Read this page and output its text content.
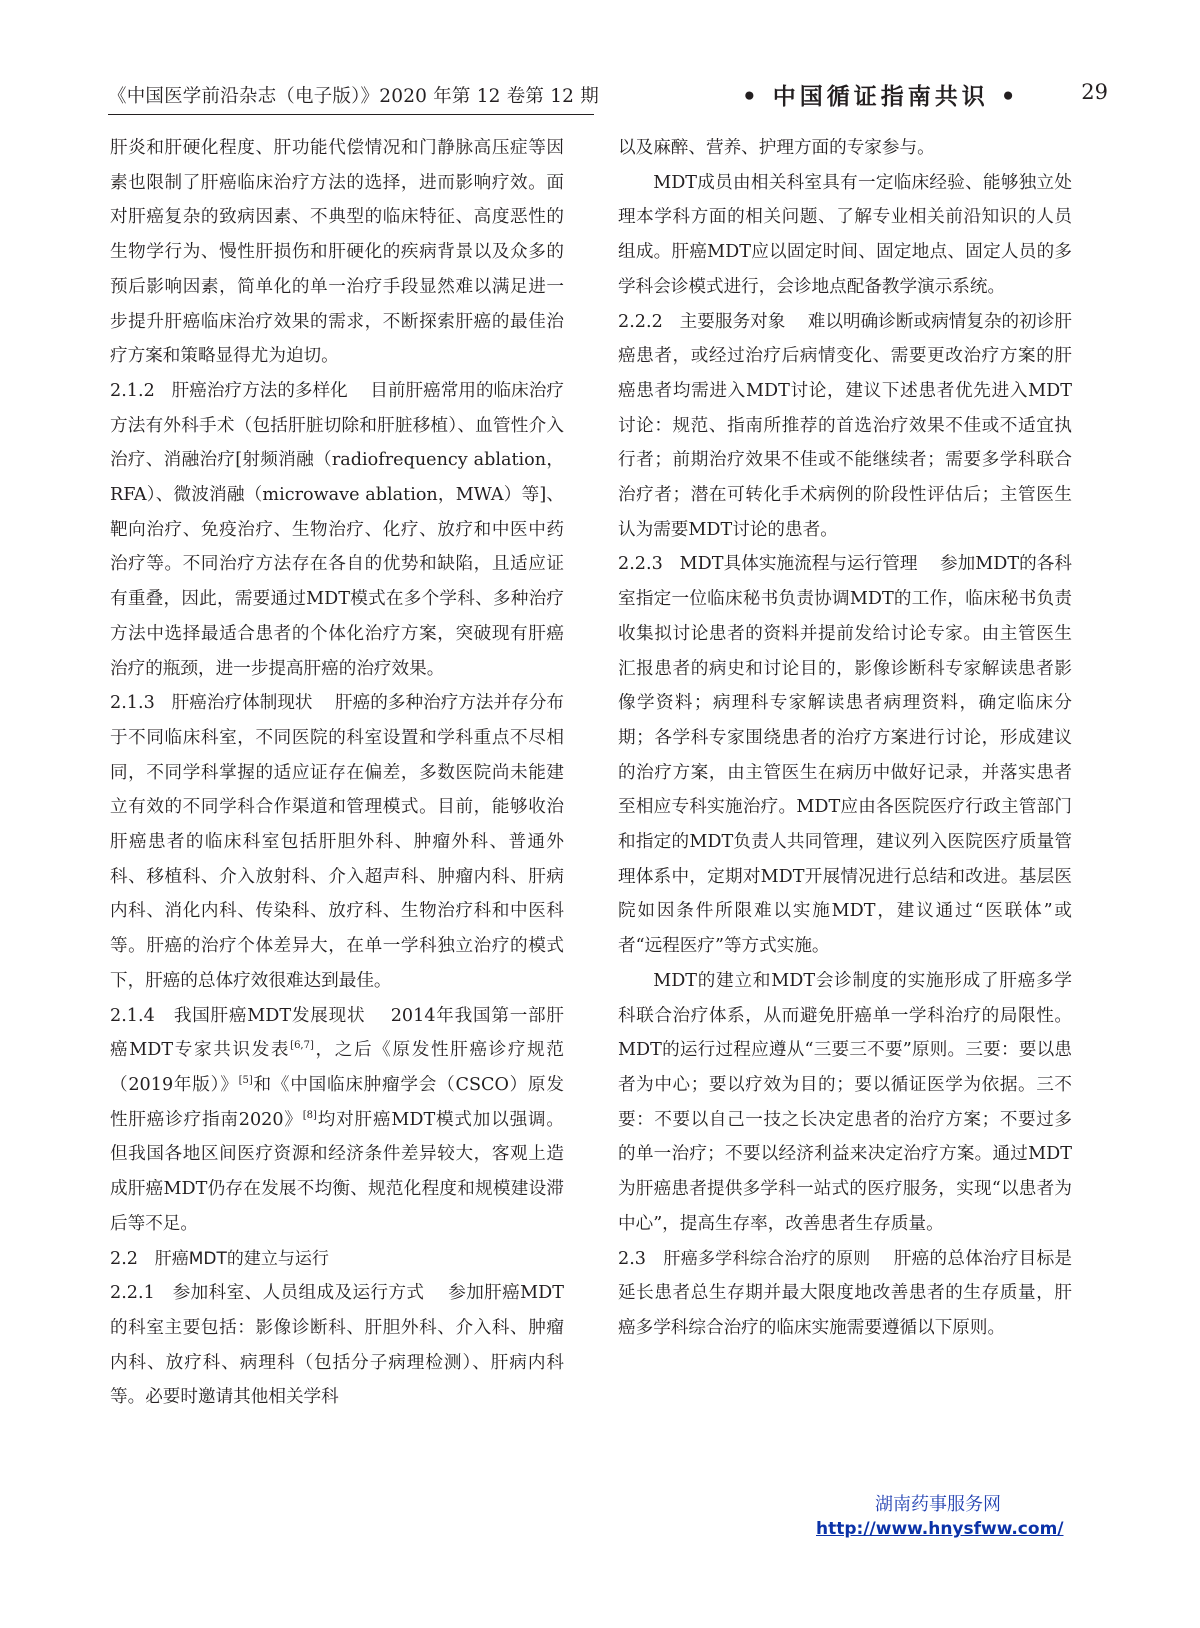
《中国医学前沿杂志（电子版）》2020 年第 12 卷第 12 期	• 中国循证指南共识 •	29

肝炎和肝硬化程度、肝功能代偿情况和门静脉高压症等因素也限制了肝癌临床治疗方法的选择，进而影响疗效。面对肝癌复杂的致病因素、不典型的临床特征、高度恶性的生物学行为、慢性肝损伤和肝硬化的疾病背景以及众多的预后影响因素，简单化的单一治疗手段显然难以满足进一步提升肝癌临床治疗效果的需求，不断探索肝癌的最佳治疗方案和策略显得尤为迫切。

2.1.2 肝癌治疗方法的多样化 目前肝癌常用的临床治疗方法有外科手术（包括肝脏切除和肝脏移植）、血管性介入治疗、消融治疗[射频消融（radiofrequency ablation，RFA）、微波消融（microwave ablation，MWA）等]、靶向治疗、免疫治疗、生物治疗、化疗、放疗和中医中药治疗等。不同治疗方法存在各自的优势和缺陷，且适应证有重叠，因此，需要通过MDT模式在多个学科、多种治疗方法中选择最适合患者的个体化治疗方案，突破现有肝癌治疗的瓶颈，进一步提高肝癌的治疗效果。

2.1.3 肝癌治疗体制现状 肝癌的多种治疗方法并存分布于不同临床科室，不同医院的科室设置和学科重点不尽相同，不同学科掌握的适应证存在偏差，多数医院尚未能建立有效的不同学科合作渠道和管理模式。目前，能够收治肝癌患者的临床科室包括肝胆外科、肿瘤外科、普通外科、移植科、介入放射科、介入超声科、肿瘤内科、肝病内科、消化内科、传染科、放疗科、生物治疗科和中医科等。肝癌的治疗个体差异大，在单一学科独立治疗的模式下，肝癌的总体疗效很难达到最佳。

2.1.4 我国肝癌MDT发展现状 2014年我国第一部肝癌MDT专家共识发表[6,7]，之后《原发性肝癌诊疗规范（2019年版）》[5]和《中国临床肿瘤学会（CSCO）原发性肝癌诊疗指南2020》[8]均对肝癌MDT模式加以强调。但我国各地区间医疗资源和经济条件差异较大，客观上造成肝癌MDT仍存在发展不均衡、规范化程度和规模建设滞后等不足。

2.2 肝癌MDT的建立与运行

2.2.1 参加科室、人员组成及运行方式 参加肝癌MDT的科室主要包括：影像诊断科、肝胆外科、介入科、肿瘤内科、放疗科、病理科（包括分子病理检测）、肝病内科等。必要时邀请其他相关学科

以及麻醉、营养、护理方面的专家参与。

MDT成员由相关科室具有一定临床经验、能够独立处理本学科方面的相关问题、了解专业相关前沿知识的人员组成。肝癌MDT应以固定时间、固定地点、固定人员的多学科会诊模式进行，会诊地点配备教学演示系统。

2.2.2 主要服务对象 难以明确诊断或病情复杂的初诊肝癌患者，或经过治疗后病情变化、需要更改治疗方案的肝癌患者均需进入MDT讨论，建议下述患者优先进入MDT讨论：规范、指南所推荐的首选治疗效果不佳或不适宜执行者；前期治疗效果不佳或不能继续者；需要多学科联合治疗者；潜在可转化手术病例的阶段性评估后；主管医生认为需要MDT讨论的患者。

2.2.3 MDT具体实施流程与运行管理 参加MDT的各科室指定一位临床秘书负责协调MDT的工作，临床秘书负责收集拟讨论患者的资料并提前发给讨论专家。由主管医生汇报患者的病史和讨论目的，影像诊断科专家解读患者影像学资料；病理科专家解读患者病理资料，确定临床分期；各学科专家围绕患者的治疗方案进行讨论，形成建议的治疗方案，由主管医生在病历中做好记录，并落实患者至相应专科实施治疗。MDT应由各医院医疗行政主管部门和指定的MDT负责人共同管理，建议列入医院医疗质量管理体系中，定期对MDT开展情况进行总结和改进。基层医院如因条件所限难以实施MDT，建议通过“医联体”或者“远程医疗”等方式实施。

MDT的建立和MDT会诊制度的实施形成了肝癌多学科联合治疗体系，从而避免肝癌单一学科治疗的局限性。MDT的运行过程应遵从“三要三不要”原则。三要：要以患者为中心；要以疗效为目的；要以循证医学为依据。三不要：不要以自己一技之长决定患者的治疗方案；不要过多的单一治疗；不要以经济利益来决定治疗方案。通过MDT为肝癌患者提供多学科一站式的医疗服务，实现“以患者为中心”，提高生存率，改善患者生存质量。

2.3 肝癌多学科综合治疗的原则 肝癌的总体治疗目标是延长患者总生存期并最大限度地改善患者的生存质量，肝癌多学科综合治疗的临床实施需要遵循以下原则。

湖南药事服务网
http://www.hnysfww.com/
